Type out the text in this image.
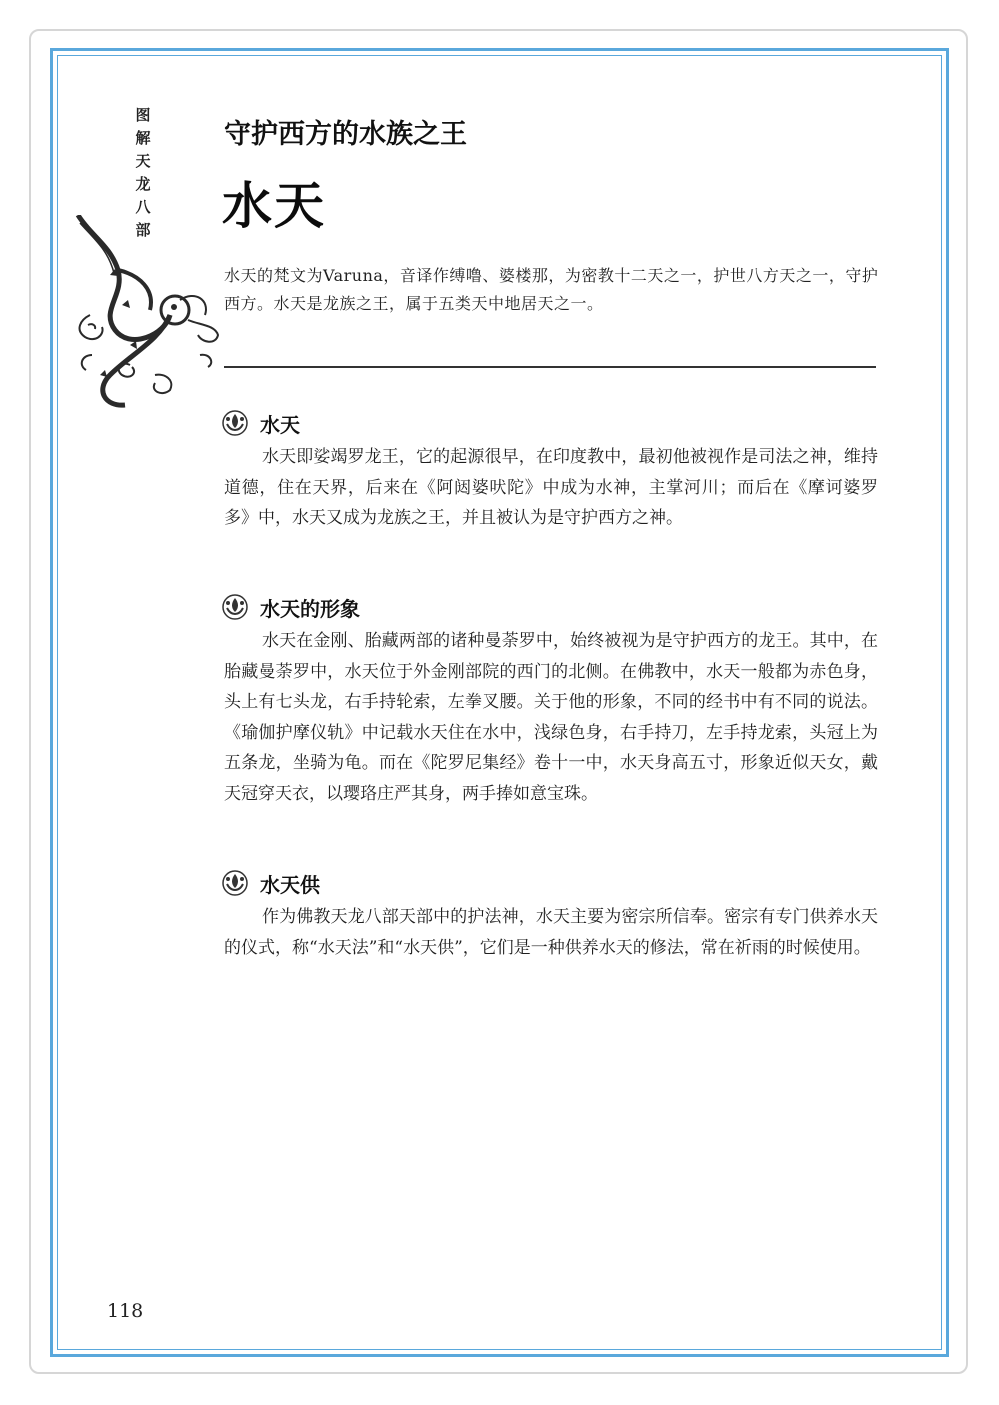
图
解
天
龙
八
部
守护西方的水族之王
水天
水天的梵文为Varuna，音译作缚噜、婆楼那，为密教十二天之一，护世八方天之一，守护西方。水天是龙族之王，属于五类天中地居天之一。
水天
水天即娑竭罗龙王，它的起源很早，在印度教中，最初他被视作是司法之神，维持道德，住在天界，后来在《阿闼婆吠陀》中成为水神，主掌河川；而后在《摩诃婆罗多》中，水天又成为龙族之王，并且被认为是守护西方之神。
水天的形象
水天在金刚、胎藏两部的诸种曼荼罗中，始终被视为是守护西方的龙王。其中，在胎藏曼荼罗中，水天位于外金刚部院的西门的北侧。在佛教中，水天一般都为赤色身，头上有七头龙，右手持轮索，左拳叉腰。关于他的形象，不同的经书中有不同的说法。《瑜伽护摩仪轨》中记载水天住在水中，浅绿色身，右手持刀，左手持龙索，头冠上为五条龙，坐骑为龟。而在《陀罗尼集经》卷十一中，水天身高五寸，形象近似天女，戴天冠穿天衣，以璎珞庄严其身，两手捧如意宝珠。
水天供
作为佛教天龙八部天部中的护法神，水天主要为密宗所信奉。密宗有专门供养水天的仪式，称“水天法”和“水天供”，它们是一种供养水天的修法，常在祈雨的时候使用。
118
